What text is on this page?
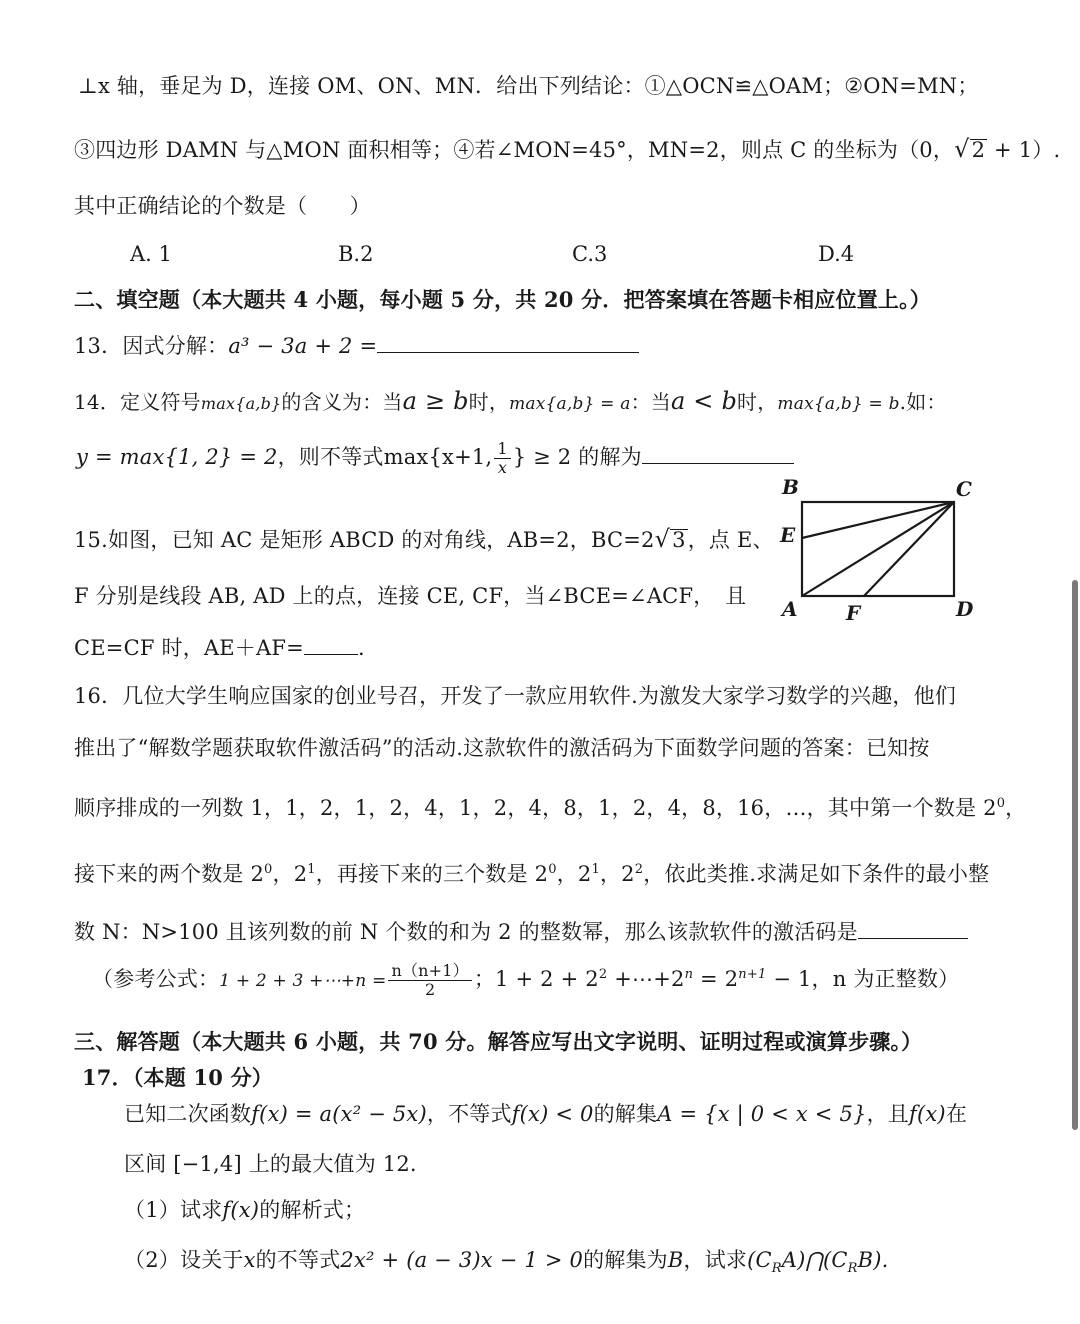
⊥x 轴，垂足为 D，连接 OM、ON、MN．给出下列结论：①△OCN≌△OAM；②ON=MN；
③四边形 DAMN 与△MON 面积相等；④若∠MON=45°，MN=2，则点 C 的坐标为（0，√2 + 1）.
其中正确结论的个数是（　　）
A. 1	B.2	C.3	D.4
二、填空题（本大题共 4 小题，每小题 5 分，共 20 分．把答案填在答题卡相应位置上。）
13．因式分解：a³ − 3a + 2 =
14．定义符号max{a,b}的含义为：当a ≥ b时，max{a,b} = a：当a < b时，max{a,b} = b.如：
y = max{1, 2} = 2，则不等式max{x+1, $\frac{1}{x}$ } ≥ 2 的解为
15.如图，已知 AC 是矩形 ABCD 的对角线，AB=2，BC=2√3，点 E、
F 分别是线段 AB, AD 上的点，连接 CE, CF，当∠BCE=∠ACF，　且
CE=CF 时，AE＋AF=	.
B	C
E
A F	D
16．几位大学生响应国家的创业号召，开发了一款应用软件.为激发大家学习数学的兴趣，他们
推出了“解数学题获取软件激活码”的活动.这款软件的激活码为下面数学问题的答案：已知按
顺序排成的一列数 1，1，2，1，2，4，1，2，4，8，1，2，4，8，16，…，其中第一个数是 $2^0$，
接下来的两个数是 $2^0$，$2^1$，再接下来的三个数是 $2^0$，$2^1$，$2^2$，依此类推.求满足如下条件的最小整
数 N：N>100 且该列数的前 N 个数的和为 2 的整数幂，那么该款软件的激活码是
（参考公式：1 + 2 + 3 +⋯+n = $\frac{n(n+1)}{2}$ ；$1 + 2 + 2^2$ $+\cdots+2^n = 2^{n+1} - 1$，n 为正整数）
三、解答题（本大题共 6 小题，共 70 分。解答应写出文字说明、证明过程或演算步骤。）
17．（本题 10 分）
已知二次函数f(x) = a(x² − 5x)，不等式f(x) < 0的解集A = {x | 0 < x < 5}，且f(x)在
区间 [−1,4] 上的最大值为 12.
（1）试求f(x)的解析式；
（2）设关于x的不等式2x² + (a − 3)x − 1 > 0的解集为B，试求$(C_RA)⋂(C_RB)$.
